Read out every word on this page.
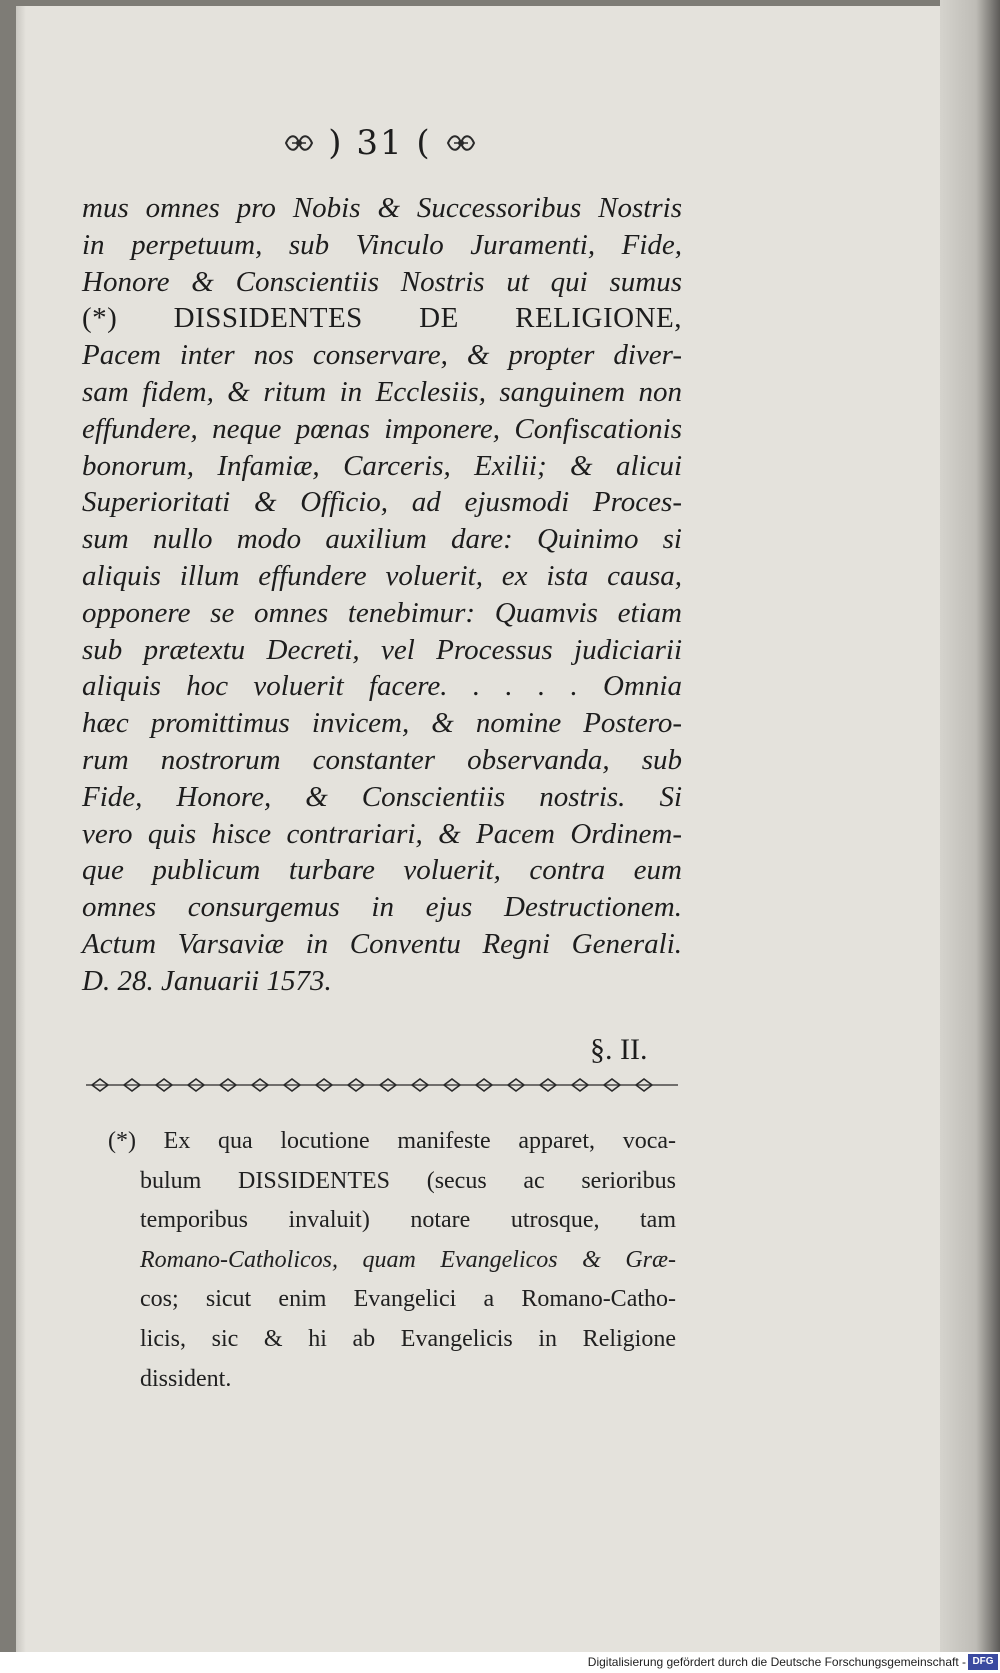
) 31 (
mus omnes pro Nobis & Successoribus Nostris
in perpetuum, sub Vinculo Juramenti, Fide,
Honore & Conscientiis Nostris ut qui sumus
(*) DISSIDENTES DE RELIGIONE,
Pacem inter nos conservare, & propter diver-
sam fidem, & ritum in Ecclesiis, sanguinem non
effundere, neque pœnas imponere, Confiscationis
bonorum, Infamiæ, Carceris, Exilii; & alicui
Superioritati & Officio, ad ejusmodi Proces-
sum nullo modo auxilium dare: Quinimo si
aliquis illum effundere voluerit, ex ista causa,
opponere se omnes tenebimur: Quamvis etiam
sub prætextu Decreti, vel Processus judiciarii
aliquis hoc voluerit facere. . . . . Omnia
hæc promittimus invicem, & nomine Postero-
rum nostrorum constanter observanda, sub
Fide, Honore, & Conscientiis nostris. Si
vero quis hisce contrariari, & Pacem Ordinem-
que publicum turbare voluerit, contra eum
omnes consurgemus in ejus Destructionem.
Actum Varsaviæ in Conventu Regni Generali.
D. 28. Januarii 1573.
§. II.
(*) Ex qua locutione manifeste apparet, voca-
bulum DISSIDENTES (secus ac serioribus
temporibus invaluit) notare utrosque, tam
Romano-Catholicos, quam Evangelicos & Græ-
cos; sicut enim Evangelici a Romano-Catho-
licis, sic & hi ab Evangelicis in Religione
dissident.
Digitalisierung gefördert durch die Deutsche Forschungsgemeinschaft - DFG
